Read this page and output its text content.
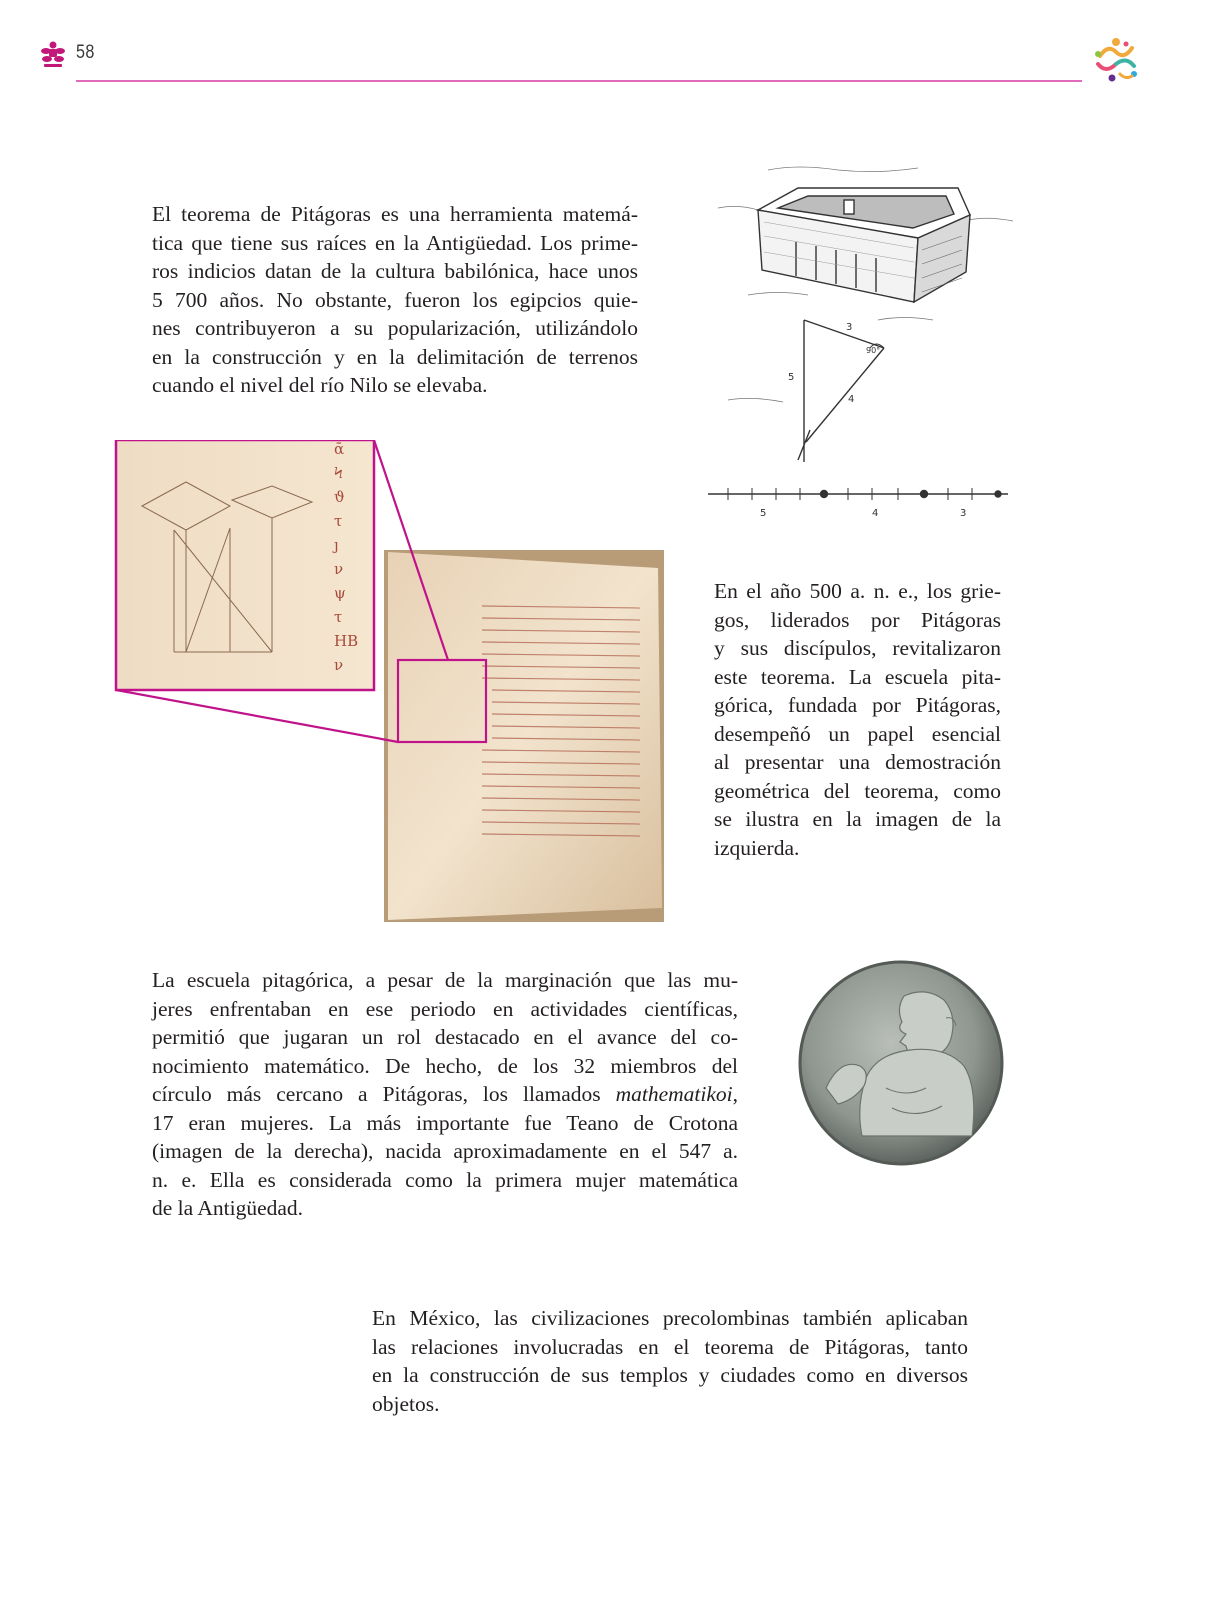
58
El teorema de Pitágoras es una herramienta matemá-
tica que tiene sus raíces en la Antigüedad. Los prime-
ros indicios datan de la cultura babilónica, hace unos
5 700 años. No obstante, fueron los egipcios quie-
nes contribuyeron a su popularización, utilizándolo
en la construcción y en la delimitación de terrenos
cuando el nivel del río Nilo se elevaba.
3
4
5
90°
5	4	3
ᾱ
Ϟ
ϑ
τ
ȷ
ν
ψ
τ
HB
ν
En el año 500 a. n. e., los grie-
gos, liderados por Pitágoras
y sus discípulos, revitalizaron
este teorema. La escuela pita-
górica, fundada por Pitágoras,
desempeñó un papel esencial
al presentar una demostración
geométrica del teorema, como
se ilustra en la imagen de la
izquierda.
La escuela pitagórica, a pesar de la marginación que las mu-
jeres enfrentaban en ese periodo en actividades científicas,
permitió que jugaran un rol destacado en el avance del co-
nocimiento matemático. De hecho, de los 32 miembros del
círculo más cercano a Pitágoras, los llamados mathematikoi,
17 eran mujeres. La más importante fue Teano de Crotona
(imagen de la derecha), nacida aproximadamente en el 547 a.
n. e. Ella es considerada como la primera mujer matemática
de la Antigüedad.
En México, las civilizaciones precolombinas también aplicaban
las relaciones involucradas en el teorema de Pitágoras, tanto
en la construcción de sus templos y ciudades como en diversos
objetos.
